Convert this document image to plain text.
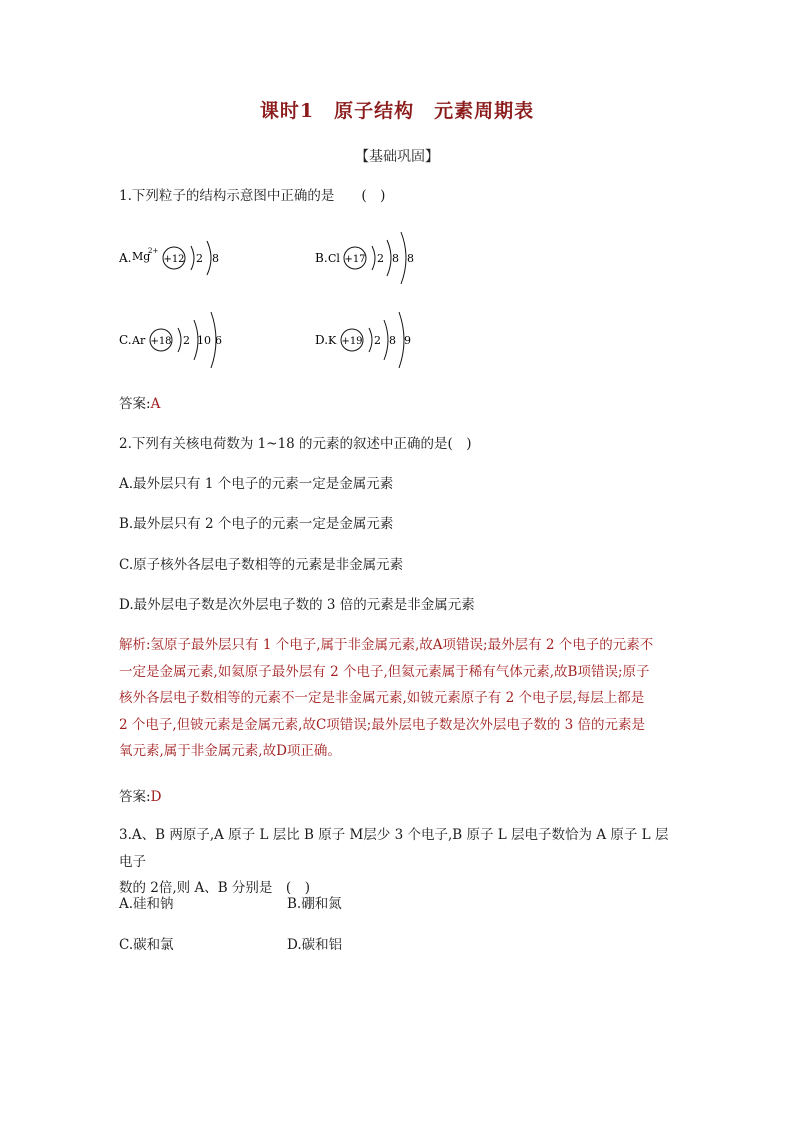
课时1　原子结构　元素周期表
【基础巩固】
1.下列粒子的结构示意图中正确的是　　(　)
A. Mg
2+
+12 2 8	B. Cl +17 2 8 8
C. Ar +18 2 10 6	D. K +19 2 8 9
答案:A
2.下列有关核电荷数为 1~18 的元素的叙述中正确的是(　)
A.最外层只有 1 个电子的元素一定是金属元素
B.最外层只有 2 个电子的元素一定是金属元素
C.原子核外各层电子数相等的元素是非金属元素
D.最外层电子数是次外层电子数的 3 倍的元素是非金属元素
解析:氢原子最外层只有 1 个电子,属于非金属元素,故A项错误;最外层有 2 个电子的元素不
一定是金属元素,如氦原子最外层有 2 个电子,但氦元素属于稀有气体元素,故B项错误;原子
核外各层电子数相等的元素不一定是非金属元素,如铍元素原子有 2 个电子层,每层上都是
2 个电子,但铍元素是金属元素,故C项错误;最外层电子数是次外层电子数的 3 倍的元素是
氧元素,属于非金属元素,故D项正确。
答案:D
3.A、B 两原子,A 原子 L 层比 B 原子 M层少 3 个电子,B 原子 L 层电子数恰为 A 原子 L 层电子
数的 2倍,则 A、B 分别是　(　)
A.硅和钠	B.硼和氮
C.碳和氯	D.碳和铝
